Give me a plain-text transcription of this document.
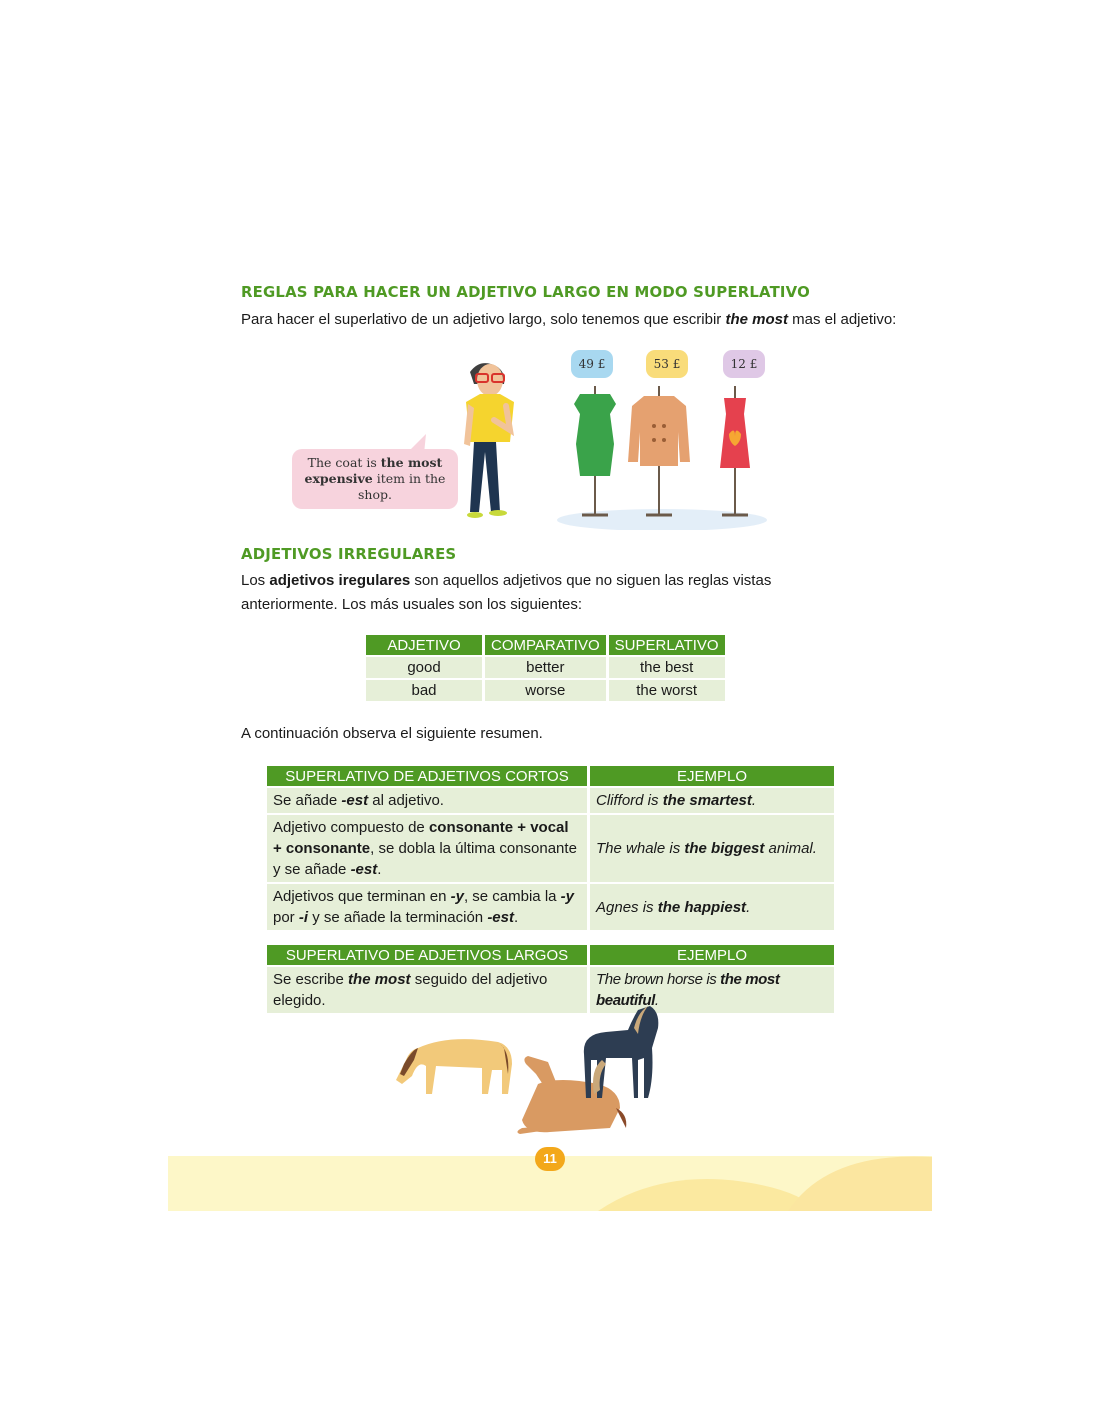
REGLAS PARA HACER UN ADJETIVO LARGO EN MODO SUPERLATIVO
Para hacer el superlativo de un adjetivo largo, solo tenemos que escribir the most mas el adjetivo:
49 £	53 £	12 £
The coat is the most
expensive item in the shop.
ADJETIVOS IRREGULARES
Los adjetivos iregulares son aquellos adjetivos que no siguen las reglas vistas anteriormente. Los más usuales son los siguientes:
ADJETIVO	COMPARATIVO	SUPERLATIVO
good	better	the best
bad	worse	the worst
A continuación observa el siguiente resumen.
SUPERLATIVO DE ADJETIVOS CORTOS	EJEMPLO
Se añade -est al adjetivo.	Clifford is the smartest.
Adjetivo compuesto de consonante + vocal + consonante, se dobla la última consonante y se añade -est.	The whale is the biggest animal.
Adjetivos que terminan en -y, se cambia la -y por -i y se añade la terminación -est.	Agnes is the happiest.
SUPERLATIVO DE ADJETIVOS LARGOS	EJEMPLO
Se escribe the most seguido del adjetivo elegido.	The brown horse is the most beautiful.
11
